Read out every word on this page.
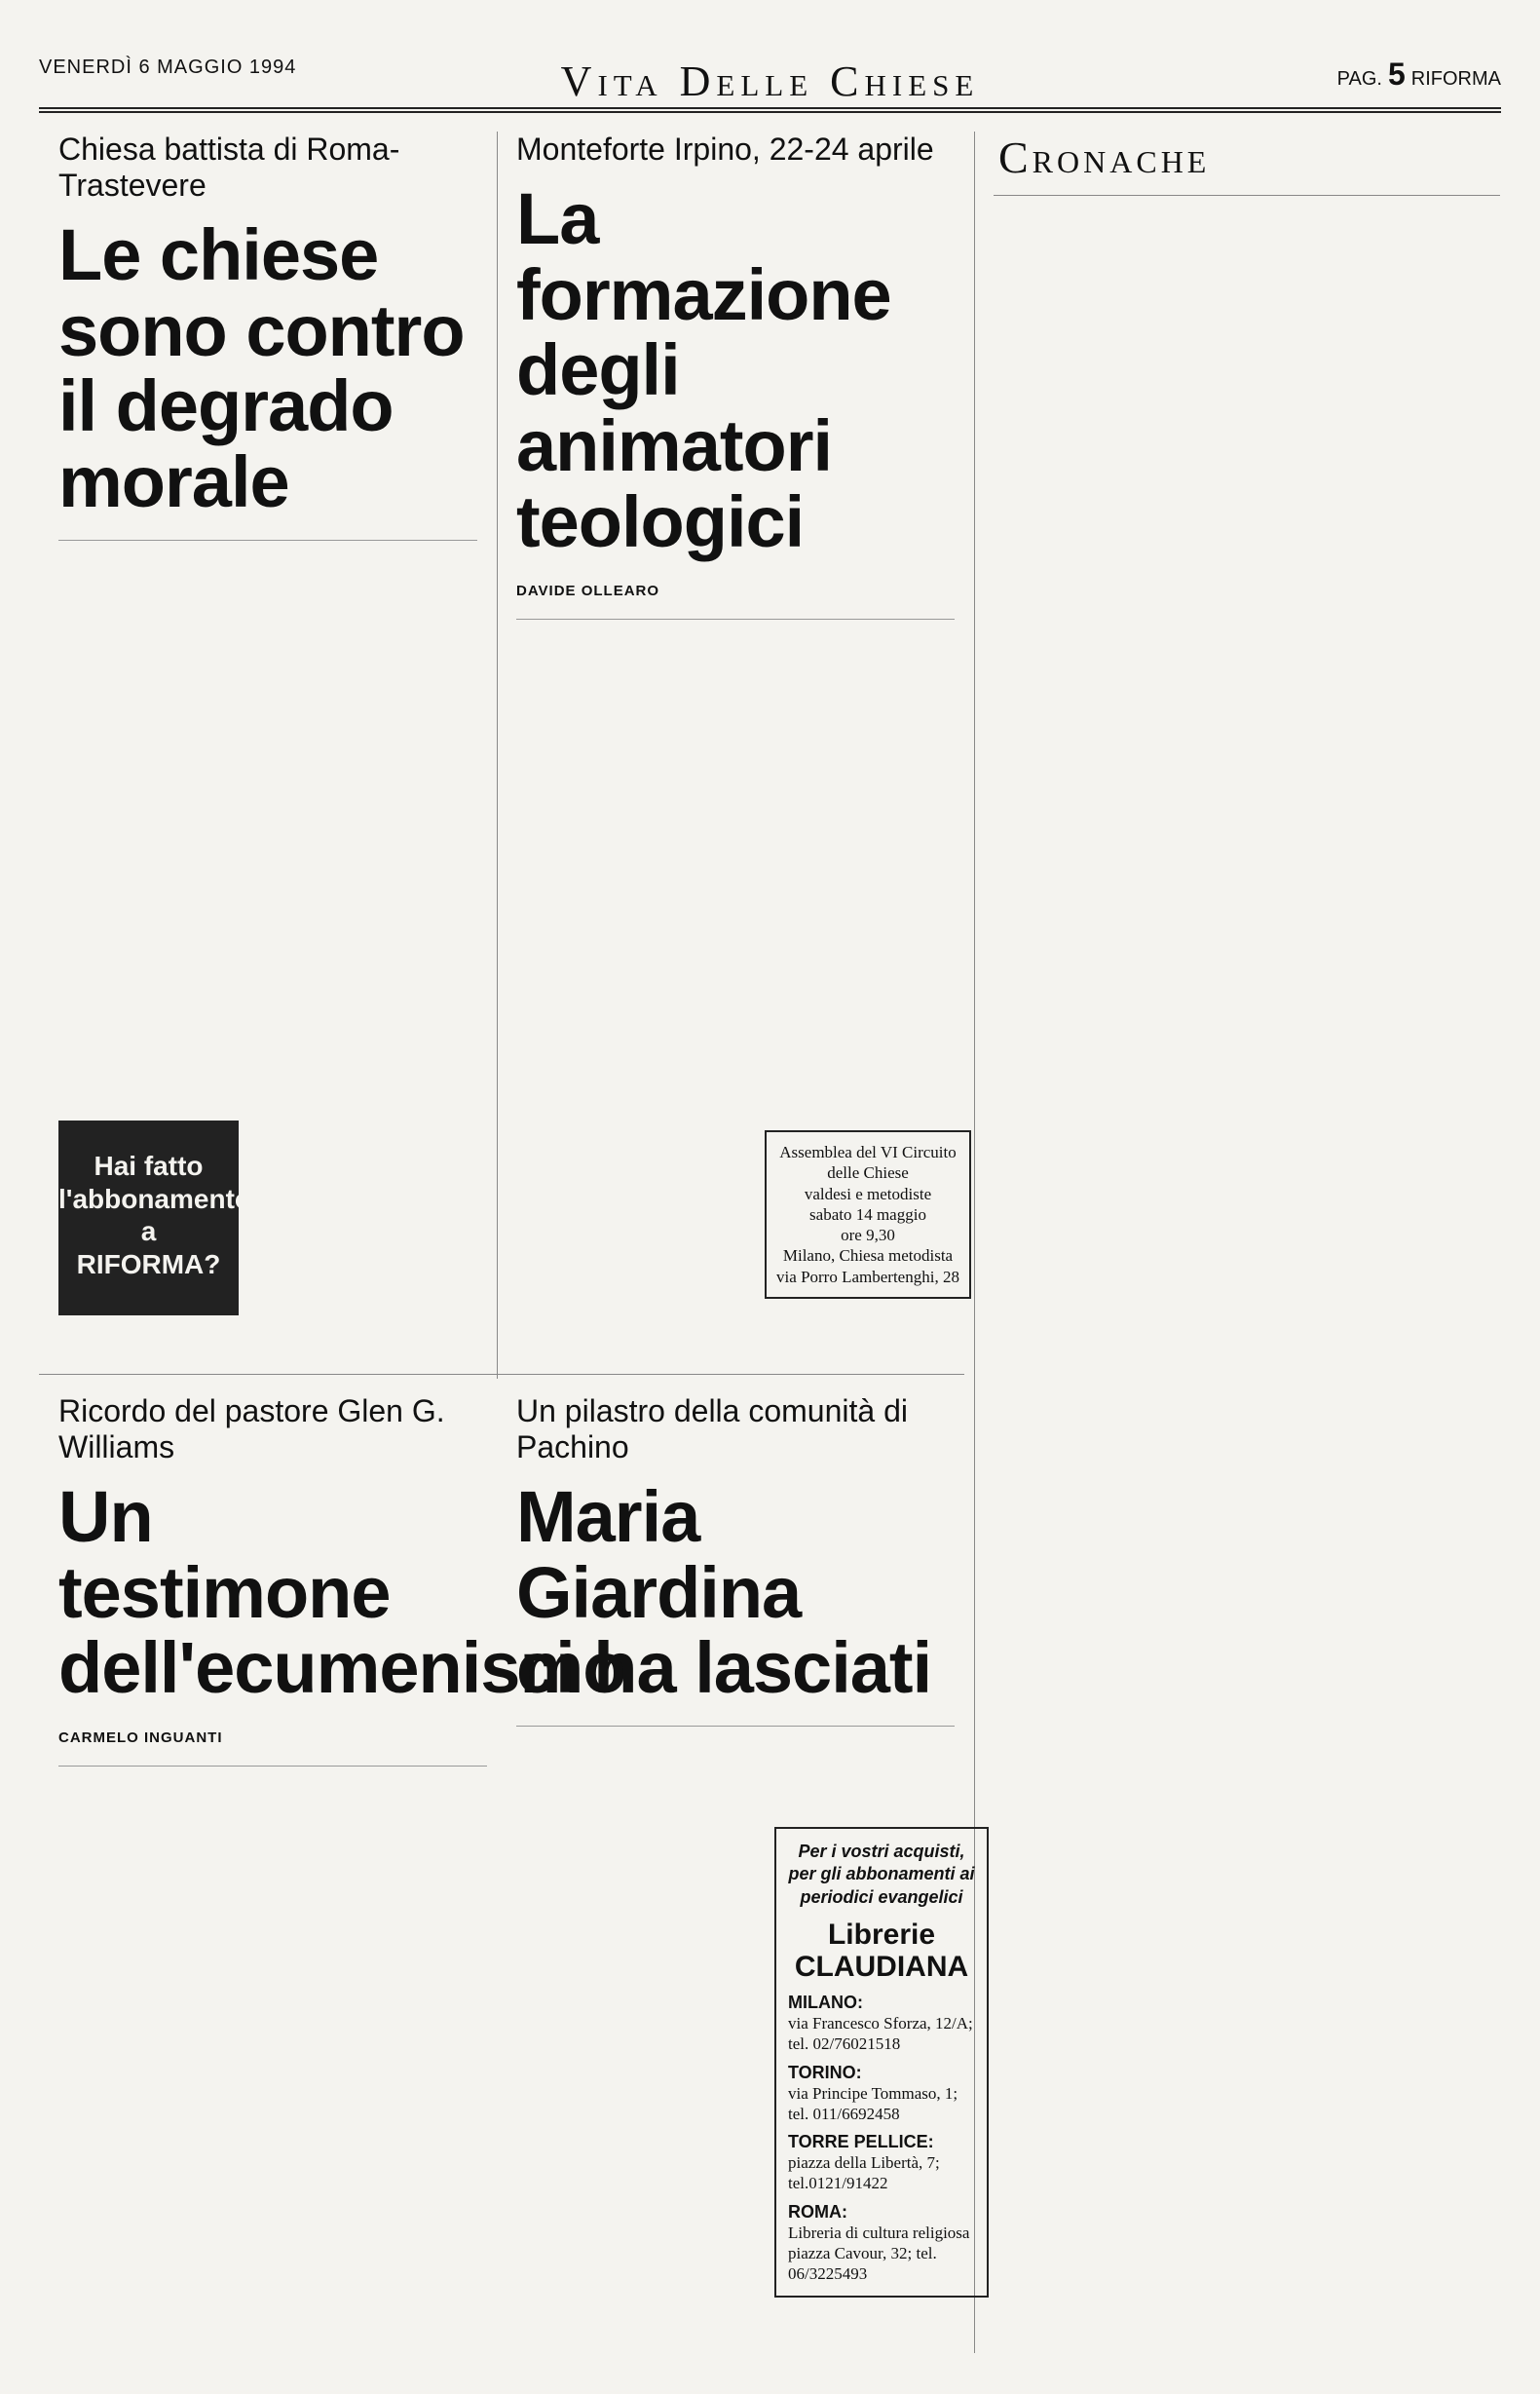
VENERDÌ 6 MAGGIO 1994	Vita Delle Chiese	PAG. 5 RIFORMA
Chiesa battista di Roma-Trastevere
Le chiese sono contro
il degrado morale
Hai fatto
l'abbonamento
a
RIFORMA?
Monteforte Irpino, 22-24 aprile
La formazione degli
animatori teologici
DAVIDE OLLEARO
Assemblea del VI Circuito
delle Chiese
valdesi e metodiste
sabato 14 maggio
ore 9,30
Milano, Chiesa metodista
via Porro Lambertenghi, 28
Ricordo del pastore Glen G. Williams
Un testimone
dell'ecumenismo
CARMELO INGUANTI
Un pilastro della comunità di Pachino
Maria Giardina
ci ha lasciati
Per i vostri acquisti, per gli abbonamenti ai periodici evangelici
Librerie
CLAUDIANA
MILANO:
via Francesco Sforza, 12/A; tel. 02/76021518
TORINO:
via Principe Tommaso, 1; tel. 011/6692458
TORRE PELLICE:
piazza della Libertà, 7; tel.0121/91422
ROMA:
Libreria di cultura religiosa piazza Cavour, 32; tel. 06/3225493
Cronache
